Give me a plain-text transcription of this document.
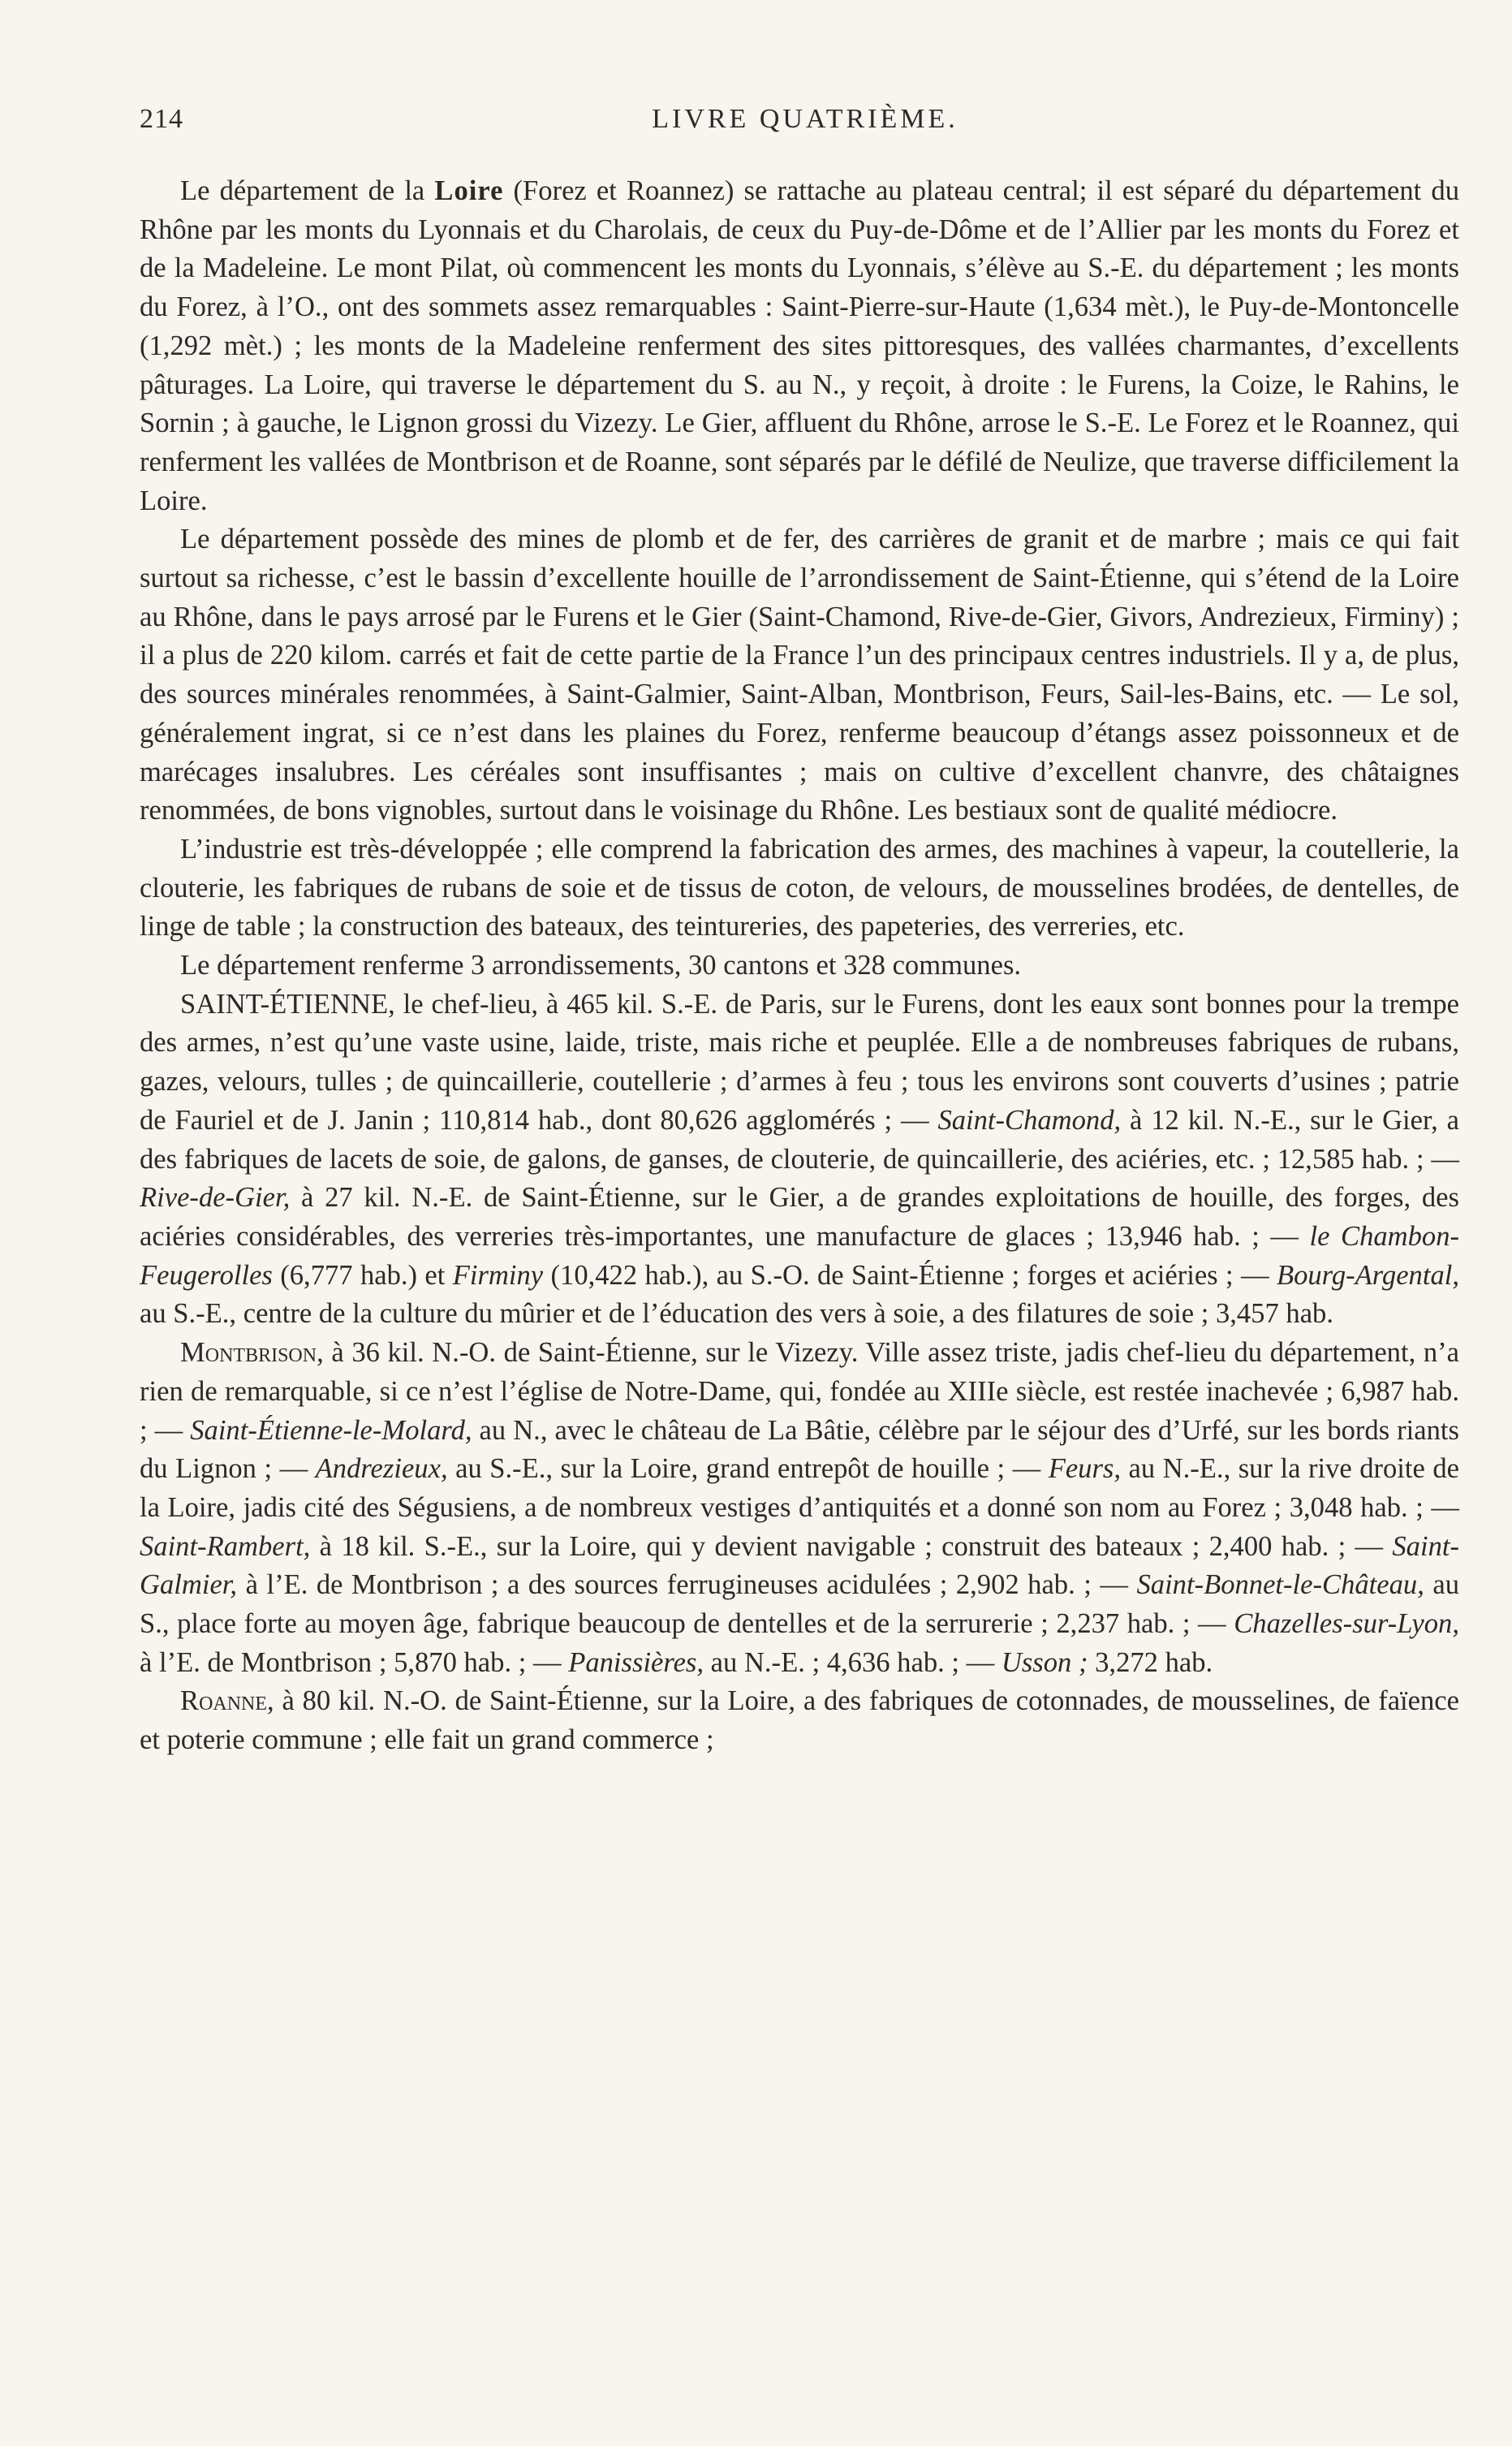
214	LIVRE QUATRIÈME.

Le département de la Loire (Forez et Roannez) se rattache au plateau central; il est séparé du département du Rhône par les monts du Lyonnais et du Charolais, de ceux du Puy-de-Dôme et de l’Allier par les monts du Forez et de la Madeleine. Le mont Pilat, où commencent les monts du Lyonnais, s’élève au S.-E. du département ; les monts du Forez, à l’O., ont des sommets assez remarquables : Saint-Pierre-sur-Haute (1,634 mèt.), le Puy-de-Montoncelle (1,292 mèt.) ; les monts de la Madeleine renferment des sites pittoresques, des vallées charmantes, d’excellents pâturages. La Loire, qui traverse le département du S. au N., y reçoit, à droite : le Furens, la Coize, le Rahins, le Sornin ; à gauche, le Lignon grossi du Vizezy. Le Gier, affluent du Rhône, arrose le S.-E. Le Forez et le Roannez, qui renferment les vallées de Montbrison et de Roanne, sont séparés par le défilé de Neulize, que traverse difficilement la Loire.

Le département possède des mines de plomb et de fer, des carrières de granit et de marbre ; mais ce qui fait surtout sa richesse, c’est le bassin d’excellente houille de l’arrondissement de Saint-Étienne, qui s’étend de la Loire au Rhône, dans le pays arrosé par le Furens et le Gier (Saint-Chamond, Rive-de-Gier, Givors, Andrezieux, Firminy) ; il a plus de 220 kilom. carrés et fait de cette partie de la France l’un des principaux centres industriels. Il y a, de plus, des sources minérales renommées, à Saint-Galmier, Saint-Alban, Montbrison, Feurs, Sail-les-Bains, etc. — Le sol, généralement ingrat, si ce n’est dans les plaines du Forez, renferme beaucoup d’étangs assez poissonneux et de marécages insalubres. Les céréales sont insuffisantes ; mais on cultive d’excellent chanvre, des châtaignes renommées, de bons vignobles, surtout dans le voisinage du Rhône. Les bestiaux sont de qualité médiocre.

L’industrie est très-développée ; elle comprend la fabrication des armes, des machines à vapeur, la coutellerie, la clouterie, les fabriques de rubans de soie et de tissus de coton, de velours, de mousselines brodées, de dentelles, de linge de table ; la construction des bateaux, des teintureries, des papeteries, des verreries, etc.

Le département renferme 3 arrondissements, 30 cantons et 328 communes.

SAINT-ÉTIENNE, le chef-lieu, à 465 kil. S.-E. de Paris, sur le Furens, dont les eaux sont bonnes pour la trempe des armes, n’est qu’une vaste usine, laide, triste, mais riche et peuplée. Elle a de nombreuses fabriques de rubans, gazes, velours, tulles ; de quincaillerie, coutellerie ; d’armes à feu ; tous les environs sont couverts d’usines ; patrie de Fauriel et de J. Janin ; 110,814 hab., dont 80,626 agglomérés ; — Saint-Chamond, à 12 kil. N.-E., sur le Gier, a des fabriques de lacets de soie, de galons, de ganses, de clouterie, de quincaillerie, des aciéries, etc. ; 12,585 hab. ; — Rive-de-Gier, à 27 kil. N.-E. de Saint-Étienne, sur le Gier, a de grandes exploitations de houille, des forges, des aciéries considérables, des verreries très-importantes, une manufacture de glaces ; 13,946 hab. ; — le Chambon-Feugerolles (6,777 hab.) et Firminy (10,422 hab.), au S.-O. de Saint-Étienne ; forges et aciéries ; — Bourg-Argental, au S.-E., centre de la culture du mûrier et de l’éducation des vers à soie, a des filatures de soie ; 3,457 hab.

Montbrison, à 36 kil. N.-O. de Saint-Étienne, sur le Vizezy. Ville assez triste, jadis chef-lieu du département, n’a rien de remarquable, si ce n’est l’église de Notre-Dame, qui, fondée au XIIIe siècle, est restée inachevée ; 6,987 hab. ; — Saint-Étienne-le-Molard, au N., avec le château de La Bâtie, célèbre par le séjour des d’Urfé, sur les bords riants du Lignon ; — Andrezieux, au S.-E., sur la Loire, grand entrepôt de houille ; — Feurs, au N.-E., sur la rive droite de la Loire, jadis cité des Ségusiens, a de nombreux vestiges d’antiquités et a donné son nom au Forez ; 3,048 hab. ; — Saint-Rambert, à 18 kil. S.-E., sur la Loire, qui y devient navigable ; construit des bateaux ; 2,400 hab. ; — Saint-Galmier, à l’E. de Montbrison ; a des sources ferrugineuses acidulées ; 2,902 hab. ; — Saint-Bonnet-le-Château, au S., place forte au moyen âge, fabrique beaucoup de dentelles et de la serrurerie ; 2,237 hab. ; — Chazelles-sur-Lyon, à l’E. de Montbrison ; 5,870 hab. ; — Panissières, au N.-E. ; 4,636 hab. ; — Usson ; 3,272 hab.

Roanne, à 80 kil. N.-O. de Saint-Étienne, sur la Loire, a des fabriques de cotonnades, de mousselines, de faïence et poterie commune ; elle fait un grand commerce ;
